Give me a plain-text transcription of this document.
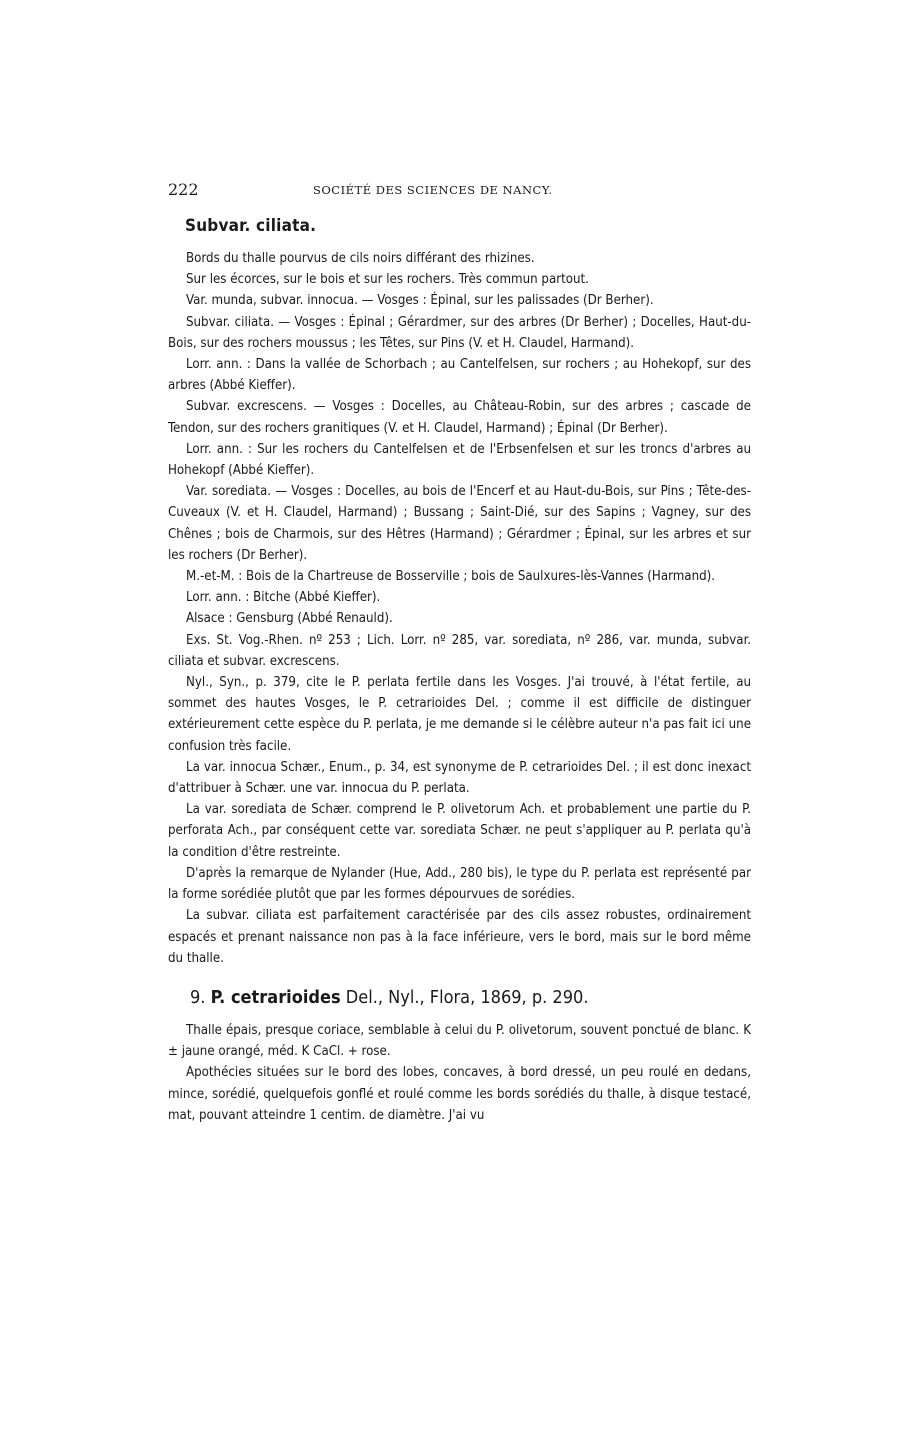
222	SOCIÉTÉ DES SCIENCES DE NANCY.
Subvar. ciliata.

Bords du thalle pourvus de cils noirs différant des rhizines.

Sur les écorces, sur le bois et sur les rochers. Très commun partout.

Var. munda, subvar. innocua. — Vosges : Épinal, sur les palissades (Dr Berher).

Subvar. ciliata. — Vosges : Épinal ; Gérardmer, sur des arbres (Dr Berher) ; Docelles, Haut-du-Bois, sur des rochers moussus ; les Têtes, sur Pins (V. et H. Claudel, Harmand).

Lorr. ann. : Dans la vallée de Schorbach ; au Cantelfelsen, sur rochers ; au Hohekopf, sur des arbres (Abbé Kieffer).

Subvar. excrescens. — Vosges : Docelles, au Château-Robin, sur des arbres ; cascade de Tendon, sur des rochers granitiques (V. et H. Claudel, Harmand) ; Épinal (Dr Berher).

Lorr. ann. : Sur les rochers du Cantelfelsen et de l'Erbsenfelsen et sur les troncs d'arbres au Hohekopf (Abbé Kieffer).

Var. sorediata. — Vosges : Docelles, au bois de l'Encerf et au Haut-du-Bois, sur Pins ; Tête-des-Cuveaux (V. et H. Claudel, Harmand) ; Bussang ; Saint-Dié, sur des Sapins ; Vagney, sur des Chênes ; bois de Charmois, sur des Hêtres (Harmand) ; Gérardmer ; Épinal, sur les arbres et sur les rochers (Dr Berher).

M.-et-M. : Bois de la Chartreuse de Bosserville ; bois de Saulxures-lès-Vannes (Harmand).

Lorr. ann. : Bitche (Abbé Kieffer).

Alsace : Gensburg (Abbé Renauld).

Exs. St. Vog.-Rhen. nº 253 ; Lich. Lorr. nº 285, var. sorediata, nº 286, var. munda, subvar. ciliata et subvar. excrescens.

Nyl., Syn., p. 379, cite le P. perlata fertile dans les Vosges. J'ai trouvé, à l'état fertile, au sommet des hautes Vosges, le P. cetrarioides Del. ; comme il est difficile de distinguer extérieurement cette espèce du P. perlata, je me demande si le célèbre auteur n'a pas fait ici une confusion très facile.

La var. innocua Schær., Enum., p. 34, est synonyme de P. cetrarioides Del. ; il est donc inexact d'attribuer à Schær. une var. innocua du P. perlata.

La var. sorediata de Schær. comprend le P. olivetorum Ach. et probablement une partie du P. perforata Ach., par conséquent cette var. sorediata Schær. ne peut s'appliquer au P. perlata qu'à la condition d'être restreinte.

D'après la remarque de Nylander (Hue, Add., 280 bis), le type du P. perlata est représenté par la forme sorédiée plutôt que par les formes dépourvues de sorédies.

La subvar. ciliata est parfaitement caractérisée par des cils assez robustes, ordinairement espacés et prenant naissance non pas à la face inférieure, vers le bord, mais sur le bord même du thalle.

9. P. cetrarioides Del., Nyl., Flora, 1869, p. 290.

Thalle épais, presque coriace, semblable à celui du P. olivetorum, souvent ponctué de blanc. K ± jaune orangé, méd. K CaCl. + rose.

Apothécies situées sur le bord des lobes, concaves, à bord dressé, un peu roulé en dedans, mince, sorédié, quelquefois gonflé et roulé comme les bords sorédiés du thalle, à disque testacé, mat, pouvant atteindre 1 centim. de diamètre. J'ai vu
